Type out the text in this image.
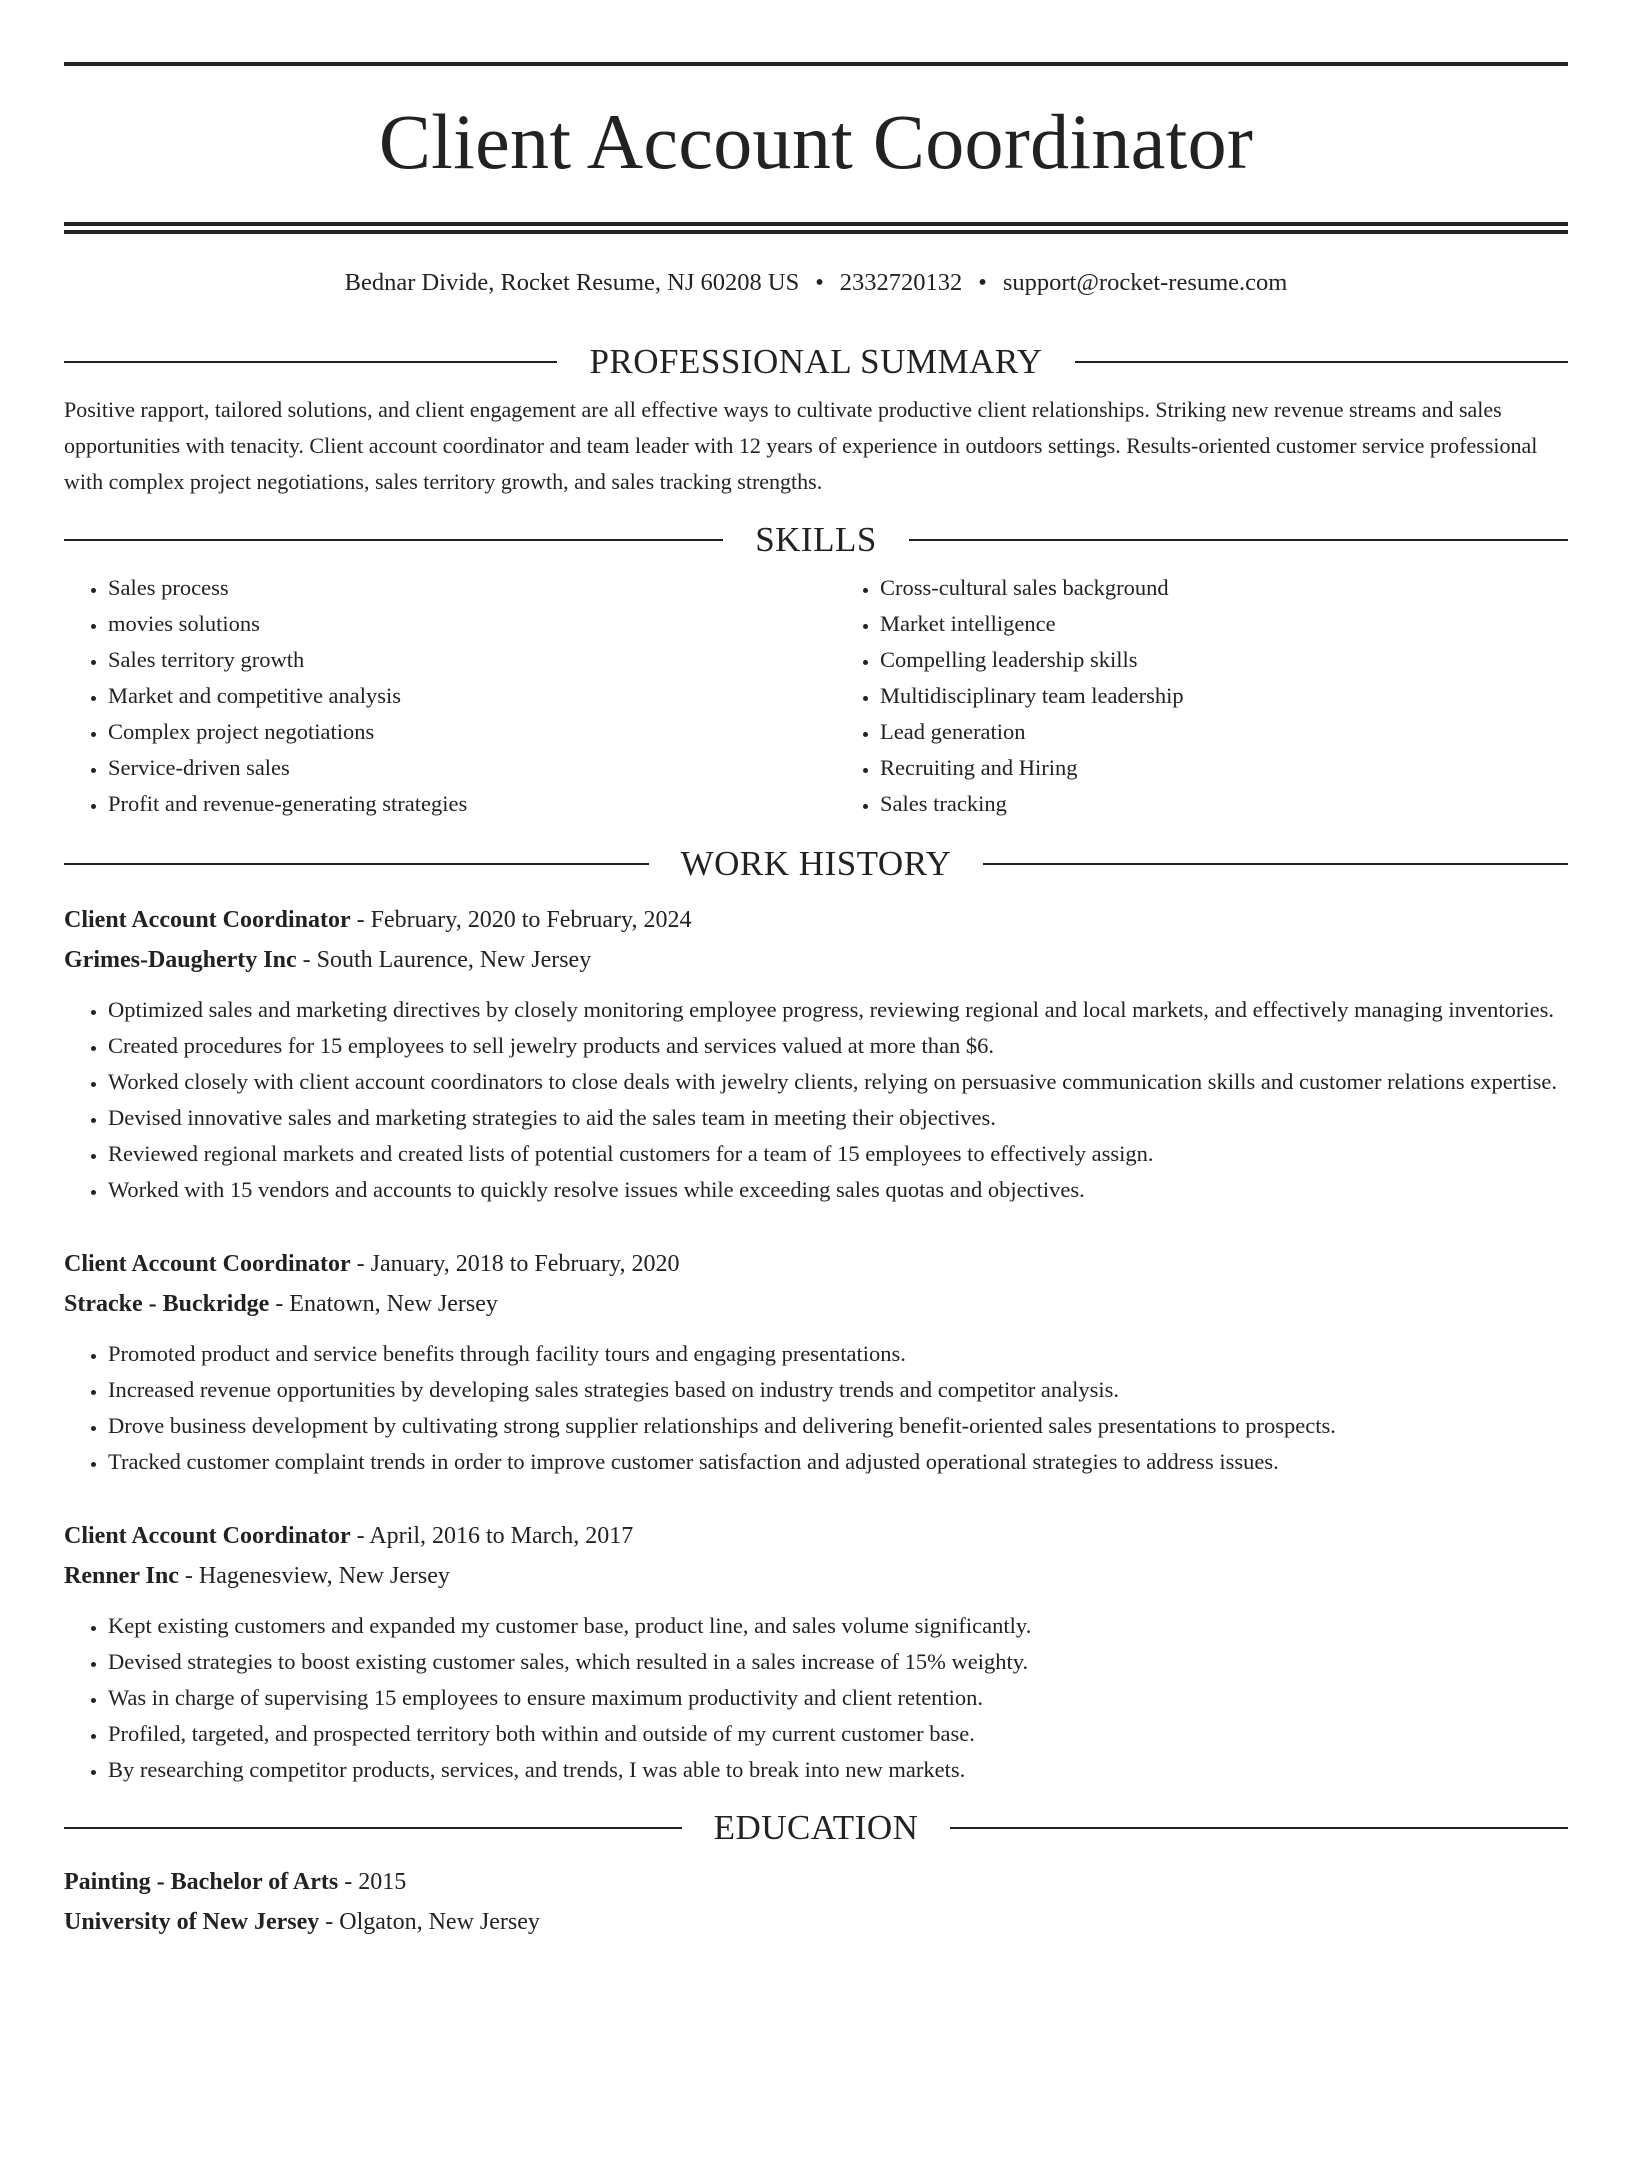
Client Account Coordinator
Bednar Divide, Rocket Resume, NJ 60208 US • 2332720132 • support@rocket-resume.com
PROFESSIONAL SUMMARY

Positive rapport, tailored solutions, and client engagement are all effective ways to cultivate productive client relationships. Striking new revenue streams and sales opportunities with tenacity. Client account coordinator and team leader with 12 years of experience in outdoors settings. Results-oriented customer service professional with complex project negotiations, sales territory growth, and sales tracking strengths.

SKILLS
• Sales process
• movies solutions
• Sales territory growth
• Market and competitive analysis
• Complex project negotiations
• Service-driven sales
• Profit and revenue-generating strategies
• Cross-cultural sales background
• Market intelligence
• Compelling leadership skills
• Multidisciplinary team leadership
• Lead generation
• Recruiting and Hiring
• Sales tracking
WORK HISTORY
Client Account Coordinator - February, 2020 to February, 2024
Grimes-Daugherty Inc - South Laurence, New Jersey
• Optimized sales and marketing directives by closely monitoring employee progress, reviewing regional and local markets, and effectively managing inventories.
• Created procedures for 15 employees to sell jewelry products and services valued at more than $6.
• Worked closely with client account coordinators to close deals with jewelry clients, relying on persuasive communication skills and customer relations expertise.
• Devised innovative sales and marketing strategies to aid the sales team in meeting their objectives.
• Reviewed regional markets and created lists of potential customers for a team of 15 employees to effectively assign.
• Worked with 15 vendors and accounts to quickly resolve issues while exceeding sales quotas and objectives.
Client Account Coordinator - January, 2018 to February, 2020
Stracke - Buckridge - Enatown, New Jersey
• Promoted product and service benefits through facility tours and engaging presentations.
• Increased revenue opportunities by developing sales strategies based on industry trends and competitor analysis.
• Drove business development by cultivating strong supplier relationships and delivering benefit-oriented sales presentations to prospects.
• Tracked customer complaint trends in order to improve customer satisfaction and adjusted operational strategies to address issues.
Client Account Coordinator - April, 2016 to March, 2017
Renner Inc - Hagenesview, New Jersey
• Kept existing customers and expanded my customer base, product line, and sales volume significantly.
• Devised strategies to boost existing customer sales, which resulted in a sales increase of 15% weighty.
• Was in charge of supervising 15 employees to ensure maximum productivity and client retention.
• Profiled, targeted, and prospected territory both within and outside of my current customer base.
• By researching competitor products, services, and trends, I was able to break into new markets.
EDUCATION
Painting - Bachelor of Arts - 2015
University of New Jersey - Olgaton, New Jersey
